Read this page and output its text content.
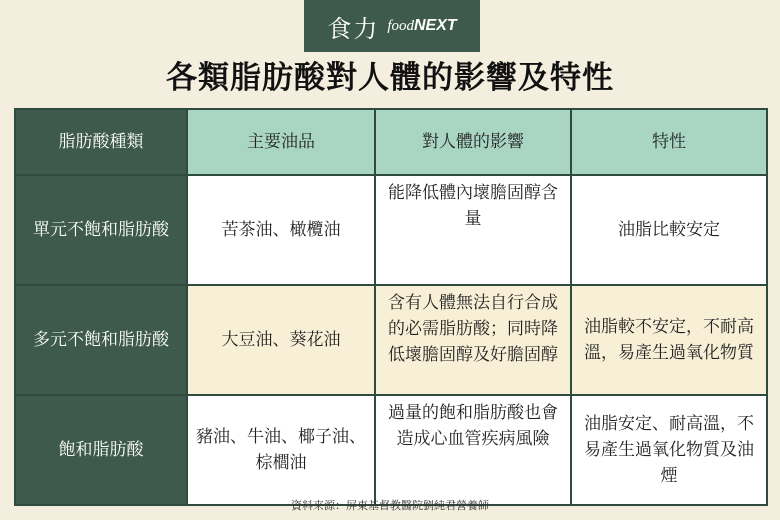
食力 foodNEXT
各類脂肪酸對人體的影響及特性
脂肪酸種類	主要油品	對人體的影響	特性
單元不飽和脂肪酸	苦茶油、橄欖油	能降低體內壞膽固醇含量	油脂比較安定
多元不飽和脂肪酸	大豆油、葵花油	含有人體無法自行合成的必需脂肪酸；同時降低壞膽固醇及好膽固醇	油脂較不安定，不耐高溫，易產生過氧化物質
飽和脂肪酸	豬油、牛油、椰子油、棕櫚油	過量的飽和脂肪酸也會造成心血管疾病風險	油脂安定、耐高溫，不易產生過氧化物質及油煙
資料來源：屏東基督教醫院劉純君營養師
